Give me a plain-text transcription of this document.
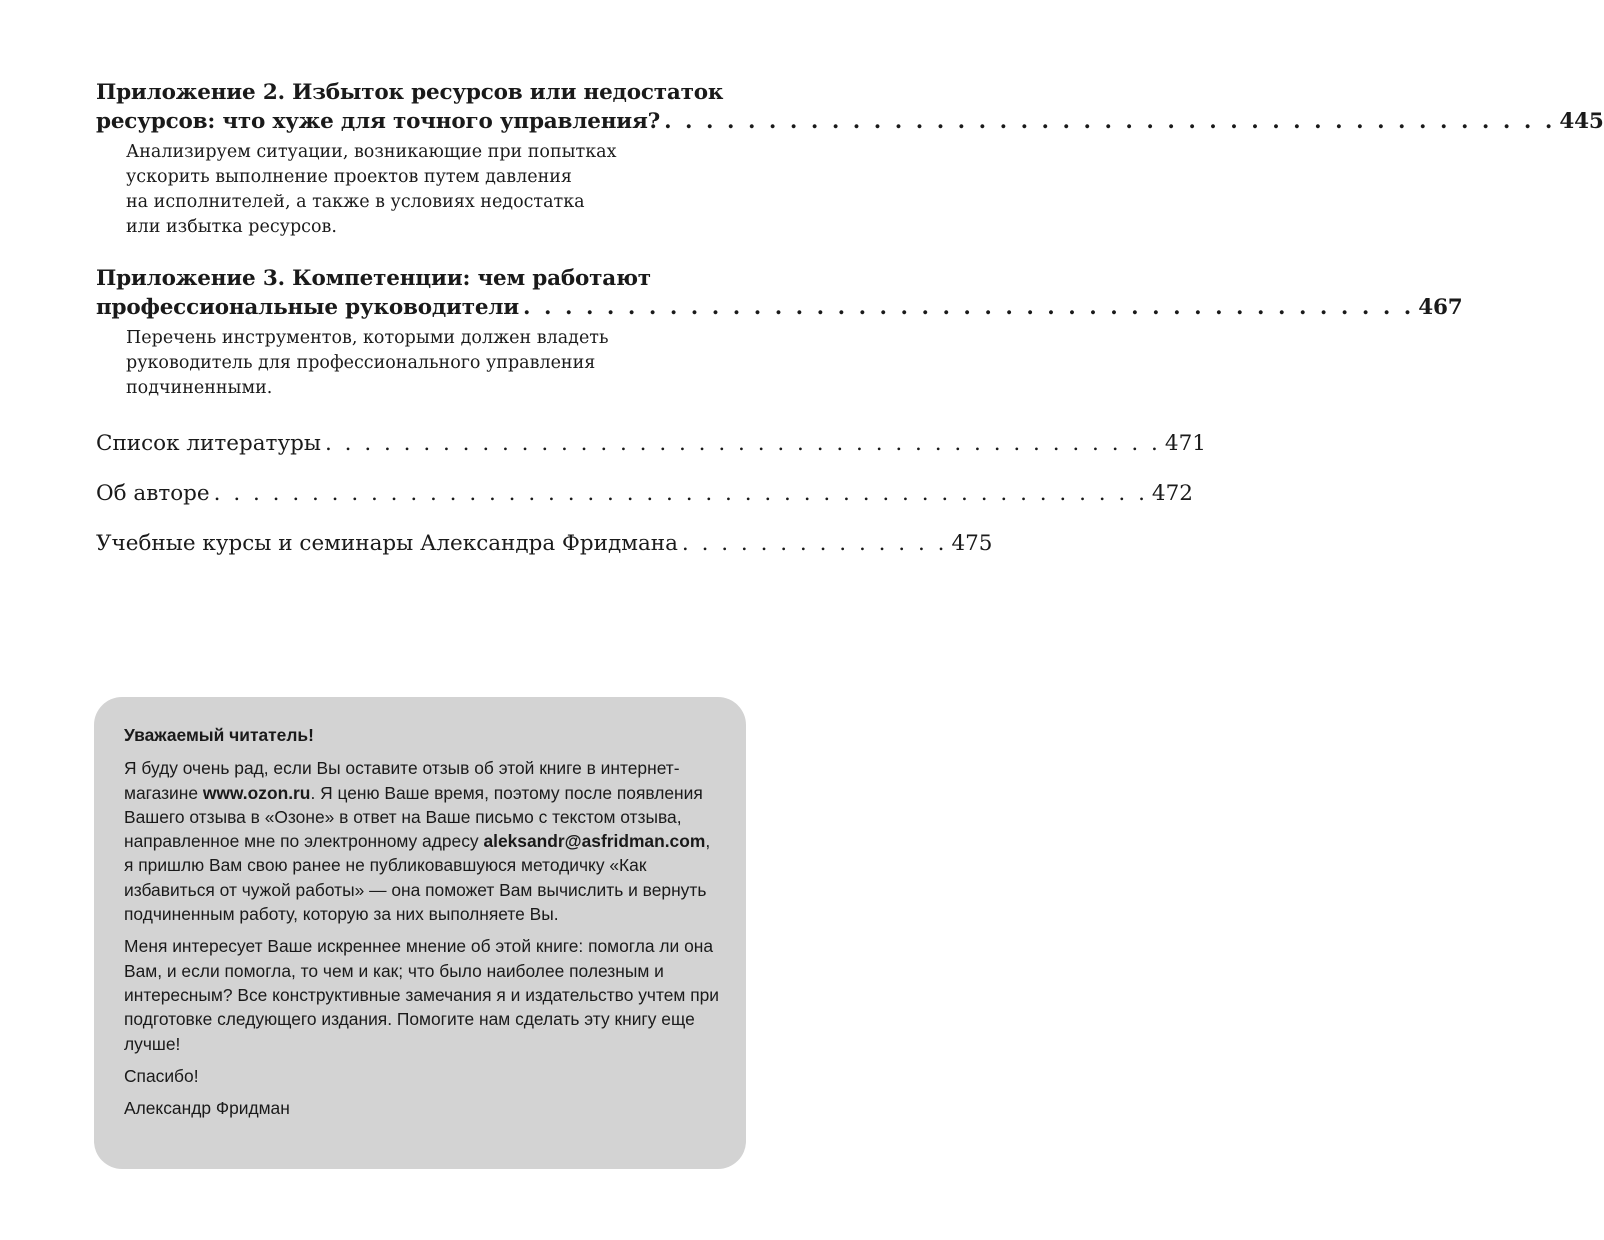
Приложение 2. Избыток ресурсов или недостаток
ресурсов: что хуже для точного управления? . . . . . . . . . . . . . . . . . . . . . . . . . . . . . . . . . . . . . . . . . . . 445
Анализируем ситуации, возникающие при попытках
ускорить выполнение проектов путем давления
на исполнителей, а также в условиях недостатка
или избытка ресурсов.
Приложение 3. Компетенции: чем работают
профессиональные руководители . . . . . . . . . . . . . . . . . . . . . . . . . . . . . . . . . . . . . . . . . . . 467
Перечень инструментов, которыми должен владеть
руководитель для профессионального управления
подчиненными.
Список литературы . . . . . . . . . . . . . . . . . . . . . . . . . . . . . . . . . . . . . . . . . . . 471
Об авторе . . . . . . . . . . . . . . . . . . . . . . . . . . . . . . . . . . . . . . . . . . . . . . . . 472
Учебные курсы и семинары Александра Фридмана . . . . . . . . . . . . . . 475

Уважаемый читатель!

Я буду очень рад, если Вы оставите отзыв об этой книге в интернет-магазине www.ozon.ru. Я ценю Ваше время, поэтому после появления Вашего отзыва в «Озоне» в ответ на Ваше письмо с текстом отзыва, направленное мне по электронному адресу aleksandr@asfridman.com, я пришлю Вам свою ранее не публиковавшуюся методичку «Как избавиться от чужой работы» — она поможет Вам вычислить и вернуть подчиненным работу, которую за них выполняете Вы.

Меня интересует Ваше искреннее мнение об этой книге: помогла ли она Вам, и если помогла, то чем и как; что было наиболее полезным и интересным? Все конструктивные замечания я и издательство учтем при подготовке следующего издания. Помогите нам сделать эту книгу еще лучше!

Спасибо!

Александр Фридман
